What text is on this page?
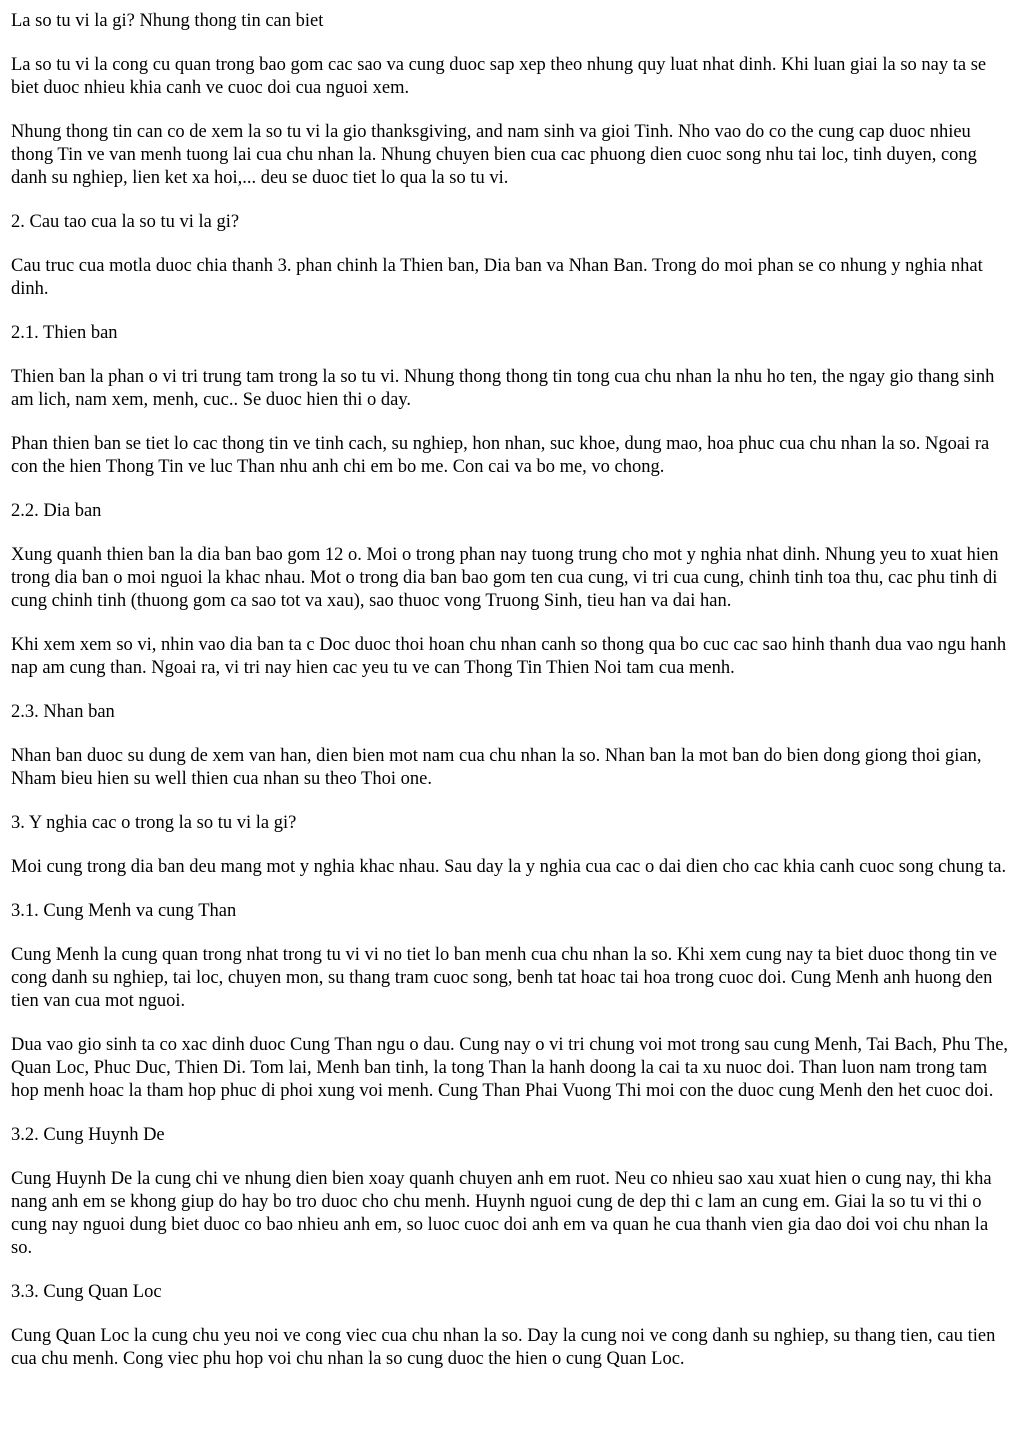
La so tu vi la gi? Nhung thong tin can biet

La so tu vi la cong cu quan trong bao gom cac sao va cung duoc sap xep theo nhung quy luat nhat dinh. Khi luan giai la so nay ta se biet duoc nhieu khia canh ve cuoc doi cua nguoi xem.

Nhung thong tin can co de xem la so tu vi la gio thanksgiving, and nam sinh va gioi Tinh. Nho vao do co the cung cap duoc nhieu thong Tin ve van menh tuong lai cua chu nhan la. Nhung chuyen bien cua cac phuong dien cuoc song nhu tai loc, tinh duyen, cong danh su nghiep, lien ket xa hoi,... deu se duoc tiet lo qua la so tu vi.

2. Cau tao cua la so tu vi la gi?

Cau truc cua motla duoc chia thanh 3. phan chinh la Thien ban, Dia ban va Nhan Ban. Trong do moi phan se co nhung y nghia nhat dinh.

2.1. Thien ban

Thien ban la phan o vi tri trung tam trong la so tu vi. Nhung thong thong tin tong cua chu nhan la nhu ho ten, the ngay gio thang sinh am lich, nam xem, menh, cuc.. Se duoc hien thi o day.

Phan thien ban se tiet lo cac thong tin ve tinh cach, su nghiep, hon nhan, suc khoe, dung mao, hoa phuc cua chu nhan la so. Ngoai ra con the hien Thong Tin ve luc Than nhu anh chi em bo me. Con cai va bo me, vo chong.

2.2. Dia ban

Xung quanh thien ban la dia ban bao gom 12 o. Moi o trong phan nay tuong trung cho mot y nghia nhat dinh. Nhung yeu to xuat hien trong dia ban o moi nguoi la khac nhau. Mot o trong dia ban bao gom ten cua cung, vi tri cua cung, chinh tinh toa thu, cac phu tinh di cung chinh tinh (thuong gom ca sao tot va xau), sao thuoc vong Truong Sinh, tieu han va dai han.

Khi xem xem so vi, nhin vao dia ban ta c Doc duoc thoi hoan chu nhan canh so thong qua bo cuc cac sao hinh thanh dua vao ngu hanh nap am cung than. Ngoai ra, vi tri nay hien cac yeu tu ve can Thong Tin Thien Noi tam cua menh.

2.3. Nhan ban

Nhan ban duoc su dung de xem van han, dien bien mot nam cua chu nhan la so. Nhan ban la mot ban do bien dong giong thoi gian, Nham bieu hien su well thien cua nhan su theo Thoi one.

3. Y nghia cac o trong la so tu vi la gi?

Moi cung trong dia ban deu mang mot y nghia khac nhau. Sau day la y nghia cua cac o dai dien cho cac khia canh cuoc song chung ta.

3.1. Cung Menh va cung Than

Cung Menh la cung quan trong nhat trong tu vi vi no tiet lo ban menh cua chu nhan la so. Khi xem cung nay ta biet duoc thong tin ve cong danh su nghiep, tai loc, chuyen mon, su thang tram cuoc song, benh tat hoac tai hoa trong cuoc doi. Cung Menh anh huong den tien van cua mot nguoi.

Dua vao gio sinh ta co xac dinh duoc Cung Than ngu o dau. Cung nay o vi tri chung voi mot trong sau cung Menh, Tai Bach, Phu The, Quan Loc, Phuc Duc, Thien Di. Tom lai, Menh ban tinh, la tong Than la hanh doong la cai ta xu nuoc doi. Than luon nam trong tam hop menh hoac la tham hop phuc di phoi xung voi menh. Cung Than Phai Vuong Thi moi con the duoc cung Menh den het cuoc doi.

3.2. Cung Huynh De

Cung Huynh De la cung chi ve nhung dien bien xoay quanh chuyen anh em ruot. Neu co nhieu sao xau xuat hien o cung nay, thi kha nang anh em se khong giup do hay bo tro duoc cho chu menh. Huynh nguoi cung de dep thi c lam an cung em. Giai la so tu vi thi o cung nay nguoi dung biet duoc co bao nhieu anh em, so luoc cuoc doi anh em va quan he cua thanh vien gia dao doi voi chu nhan la so.

3.3. Cung Quan Loc

Cung Quan Loc la cung chu yeu noi ve cong viec cua chu nhan la so. Day la cung noi ve cong danh su nghiep, su thang tien, cau tien cua chu menh. Cong viec phu hop voi chu nhan la so cung duoc the hien o cung Quan Loc.
